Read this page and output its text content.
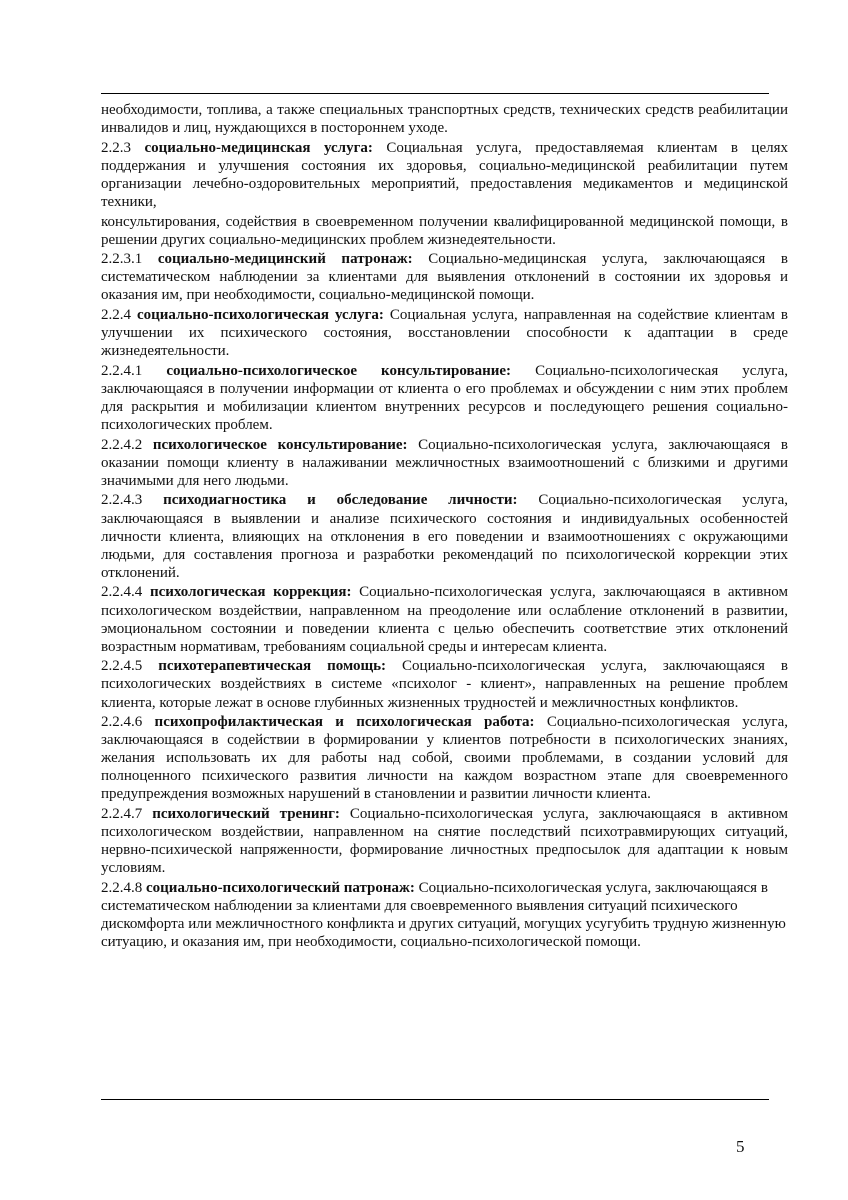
необходимости, топлива, а также специальных транспортных средств, технических средств реабилитации инвалидов и лиц, нуждающихся в постороннем уходе.

2.2.3 социально-медицинская услуга: Социальная услуга, предоставляемая клиентам в целях поддержания и улучшения состояния их здоровья, социально-медицинской реабилитации путем организации лечебно-оздоровительных мероприятий, предоставления медикаментов и медицинской техники,

консультирования, содействия в своевременном получении квалифицированной медицинской помощи, в решении других социально-медицинских проблем жизнедеятельности.

2.2.3.1 социально-медицинский патронаж: Социально-медицинская услуга, заключающаяся в систематическом наблюдении за клиентами для выявления отклонений в состоянии их здоровья и оказания им, при необходимости, социально-медицинской помощи.

2.2.4 социально-психологическая услуга: Социальная услуга, направленная на содействие клиентам в улучшении их психического состояния, восстановлении способности к адаптации в среде жизнедеятельности.

2.2.4.1 социально-психологическое консультирование: Социально-психологическая услуга, заключающаяся в получении информации от клиента о его проблемах и обсуждении с ним этих проблем для раскрытия и мобилизации клиентом внутренних ресурсов и последующего решения социально-психологических проблем.

2.2.4.2 психологическое консультирование: Социально-психологическая услуга, заключающаяся в оказании помощи клиенту в налаживании межличностных взаимоотношений с близкими и другими значимыми для него людьми.

2.2.4.3 психодиагностика и обследование личности: Социально-психологическая услуга, заключающаяся в выявлении и анализе психического состояния и индивидуальных особенностей личности клиента, влияющих на отклонения в его поведении и взаимоотношениях с окружающими людьми, для составления прогноза и разработки рекомендаций по психологической коррекции этих отклонений.

2.2.4.4 психологическая коррекция: Социально-психологическая услуга, заключающаяся в активном психологическом воздействии, направленном на преодоление или ослабление отклонений в развитии, эмоциональном состоянии и поведении клиента с целью обеспечить соответствие этих отклонений возрастным нормативам, требованиям социальной среды и интересам клиента.

2.2.4.5 психотерапевтическая помощь: Социально-психологическая услуга, заключающаяся в психологических воздействиях в системе «психолог - клиент», направленных на решение проблем клиента, которые лежат в основе глубинных жизненных трудностей и межличностных конфликтов.

2.2.4.6 психопрофилактическая и психологическая работа: Социально-психологическая услуга, заключающаяся в содействии в формировании у клиентов потребности в психологических знаниях, желания использовать их для работы над собой, своими проблемами, в создании условий для полноценного психического развития личности на каждом возрастном этапе для своевременного предупреждения возможных нарушений в становлении и развитии личности клиента.

2.2.4.7 психологический тренинг: Социально-психологическая услуга, заключающаяся в активном психологическом воздействии, направленном на снятие последствий психотравмирующих ситуаций, нервно-психической напряженности, формирование личностных предпосылок для адаптации к новым условиям.

2.2.4.8 социально-психологический патронаж: Социально-психологическая услуга, заключающаяся в систематическом наблюдении за клиентами для своевременного выявления ситуаций психического дискомфорта или межличностного конфликта и других ситуаций, могущих усугубить трудную жизненную ситуацию, и оказания им, при необходимости, социально-психологической помощи.

5
